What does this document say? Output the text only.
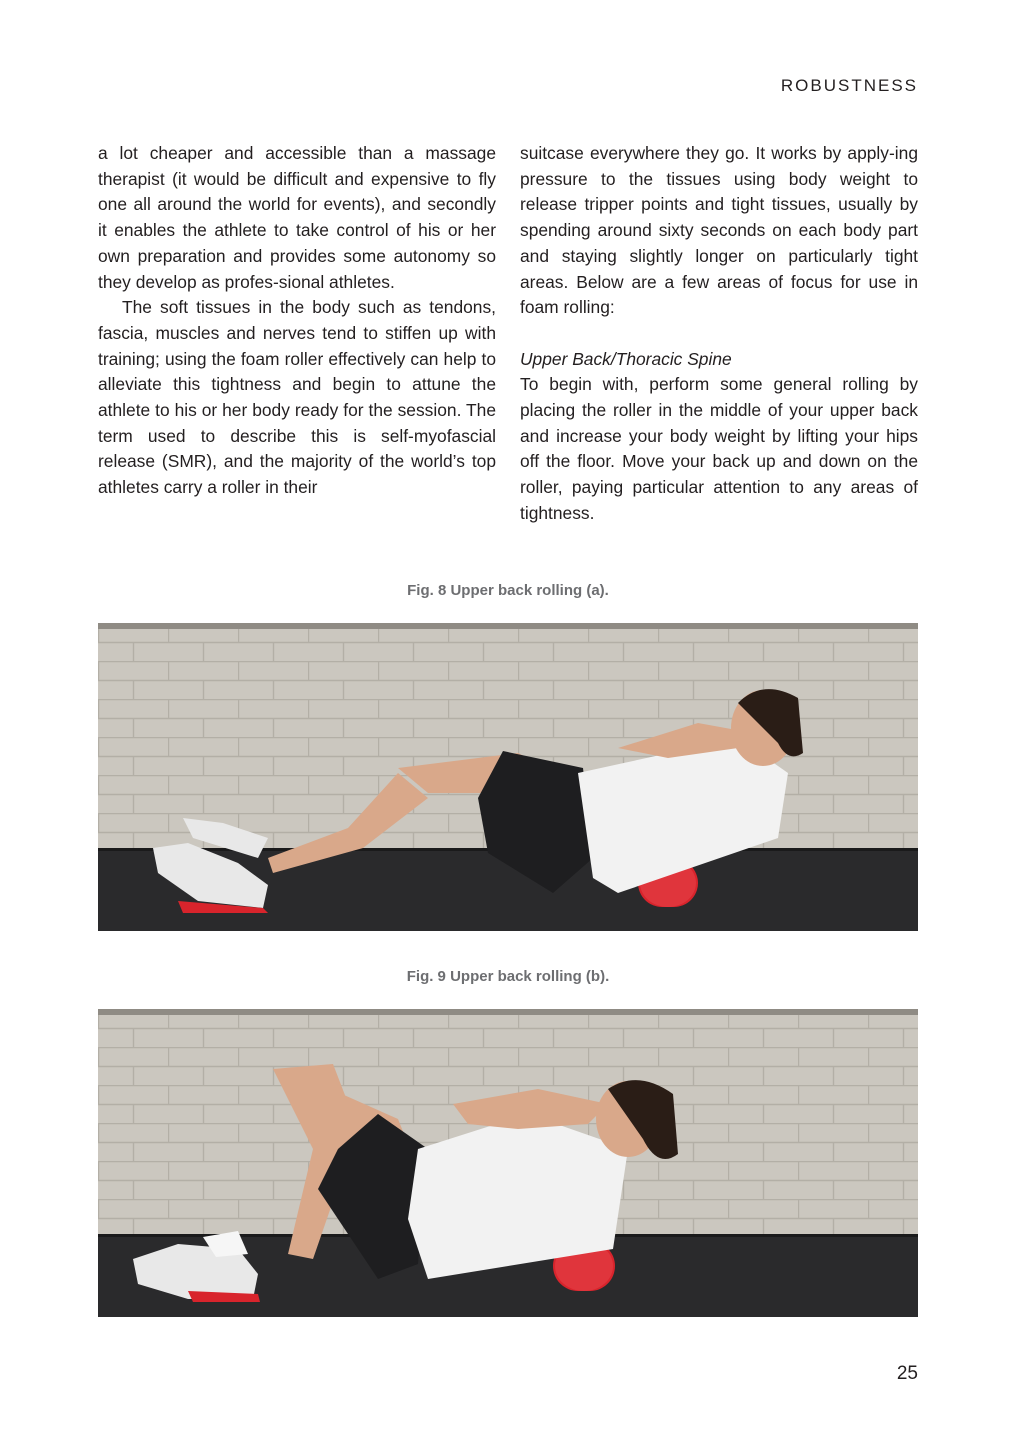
ROBUSTNESS

a lot cheaper and accessible than a massage therapist (it would be difficult and expensive to fly one all around the world for events), and secondly it enables the athlete to take control of his or her own preparation and provides some autonomy so they develop as profes-sional athletes.

The soft tissues in the body such as tendons, fascia, muscles and nerves tend to stiffen up with training; using the foam roller effectively can help to alleviate this tightness and begin to attune the athlete to his or her body ready for the session. The term used to describe this is self-myofascial release (SMR), and the majority of the world’s top athletes carry a roller in their

suitcase everywhere they go. It works by apply-ing pressure to the tissues using body weight to release tripper points and tight tissues, usually by spending around sixty seconds on each body part and staying slightly longer on particularly tight areas. Below are a few areas of focus for use in foam rolling:

Upper Back/Thoracic Spine

To begin with, perform some general rolling by placing the roller in the middle of your upper back and increase your body weight by lifting your hips off the floor. Move your back up and down on the roller, paying particular attention to any areas of tightness.

Fig. 8 Upper back rolling (a).
Fig. 9 Upper back rolling (b).
25
